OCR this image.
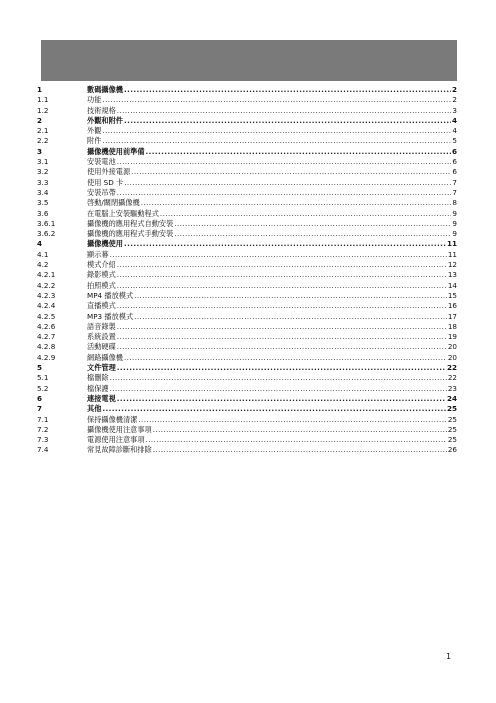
1	數碼攝像機 .....	2
1.1	功能 .....	2
1.2	技術規格 .....	3
2	外觀和附件 .....	4
2.1	外觀 .....	4
2.2	附件 .....	5
3	攝像機使用前準備 .....	6
3.1	安裝電池 .....	6
3.2	使用外接電源 .....	6
3.3	使用 SD 卡 .....	7
3.4	安裝吊帶 .....	7
3.5	啓動/關閉攝像機 .....	8
3.6	在電腦上安裝驅動程式 .....	9
3.6.1	攝像機的應用程式自動安裝 .....	9
3.6.2	攝像機的應用程式手動安裝 .....	9
4	攝像機使用 .....	11
4.1	顯示幕 .....	11
4.2	模式介紹 .....	12
4.2.1	錄影模式 .....	13
4.2.2	拍照模式 .....	14
4.2.3	MP4 播放模式 .....	15
4.2.4	直播模式 .....	16
4.2.5	MP3 播放模式 .....	17
4.2.6	語音錄製 .....	18
4.2.7	系統設置 .....	19
4.2.8	活動硬碟 .....	20
4.2.9	網路攝像機 .....	20
5	文件管理 .....	22
5.1	檔刪除 .....	22
5.2	檔保護 .....	23
6	連接電視 .....	24
7	其他 .....	25
7.1	保持攝像機清潔 .....	25
7.2	攝像機使用注意事項 .....	25
7.3	電源使用注意事項 .....	25
7.4	常見故障診斷和排除 .....	26
1
